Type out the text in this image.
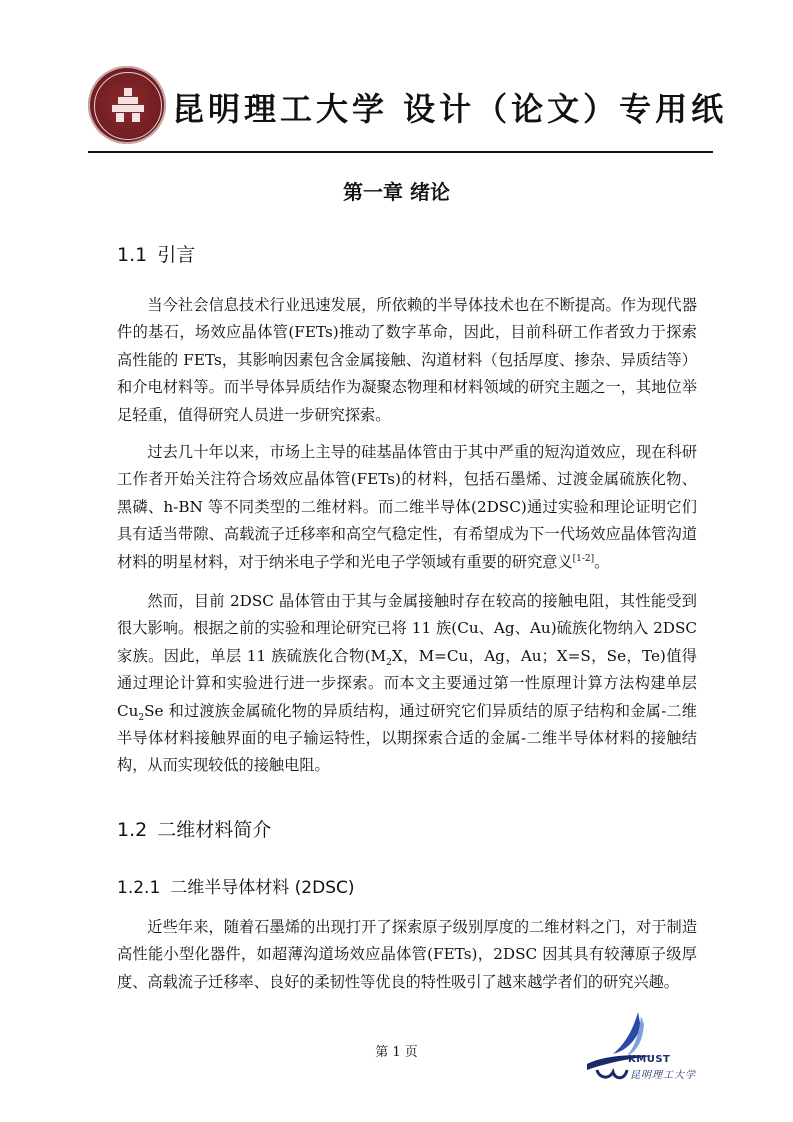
昆明理工大学 设计（论文）专用纸
第一章 绪论
1.1 引言

当今社会信息技术行业迅速发展，所依赖的半导体技术也在不断提高。作为现代器件的基石，场效应晶体管(FETs)推动了数字革命，因此，目前科研工作者致力于探索高性能的 FETs，其影响因素包含金属接触、沟道材料（包括厚度、掺杂、异质结等）和介电材料等。而半导体异质结作为凝聚态物理和材料领域的研究主题之一，其地位举足轻重，值得研究人员进一步研究探索。

过去几十年以来，市场上主导的硅基晶体管由于其中严重的短沟道效应，现在科研工作者开始关注符合场效应晶体管(FETs)的材料，包括石墨烯、过渡金属硫族化物、黑磷、h-BN 等不同类型的二维材料。而二维半导体(2DSC)通过实验和理论证明它们具有适当带隙、高载流子迁移率和高空气稳定性，有希望成为下一代场效应晶体管沟道材料的明星材料，对于纳米电子学和光电子学领域有重要的研究意义[1-2]。

然而，目前 2DSC 晶体管由于其与金属接触时存在较高的接触电阻，其性能受到很大影响。根据之前的实验和理论研究已将 11 族(Cu、Ag、Au)硫族化物纳入 2DSC 家族。因此，单层 11 族硫族化合物($M_2X$，M=Cu，Ag，Au；X=S，Se，Te)值得通过理论计算和实验进行进一步探索。而本文主要通过第一性原理计算方法构建单层 $Cu_2Se$ 和过渡族金属硫化物的异质结构，通过研究它们异质结的原子结构和金属-二维半导体材料接触界面的电子输运特性，以期探索合适的金属-二维半导体材料的接触结构，从而实现较低的接触电阻。

1.2 二维材料简介
1.2.1 二维半导体材料 (2DSC)

近些年来，随着石墨烯的出现打开了探索原子级别厚度的二维材料之门，对于制造高性能小型化器件，如超薄沟道场效应晶体管(FETs)，2DSC 因其具有较薄原子级厚度、高载流子迁移率、良好的柔韧性等优良的特性吸引了越来越学者们的研究兴趣。

第 1 页	KMUST
昆明理工大学
